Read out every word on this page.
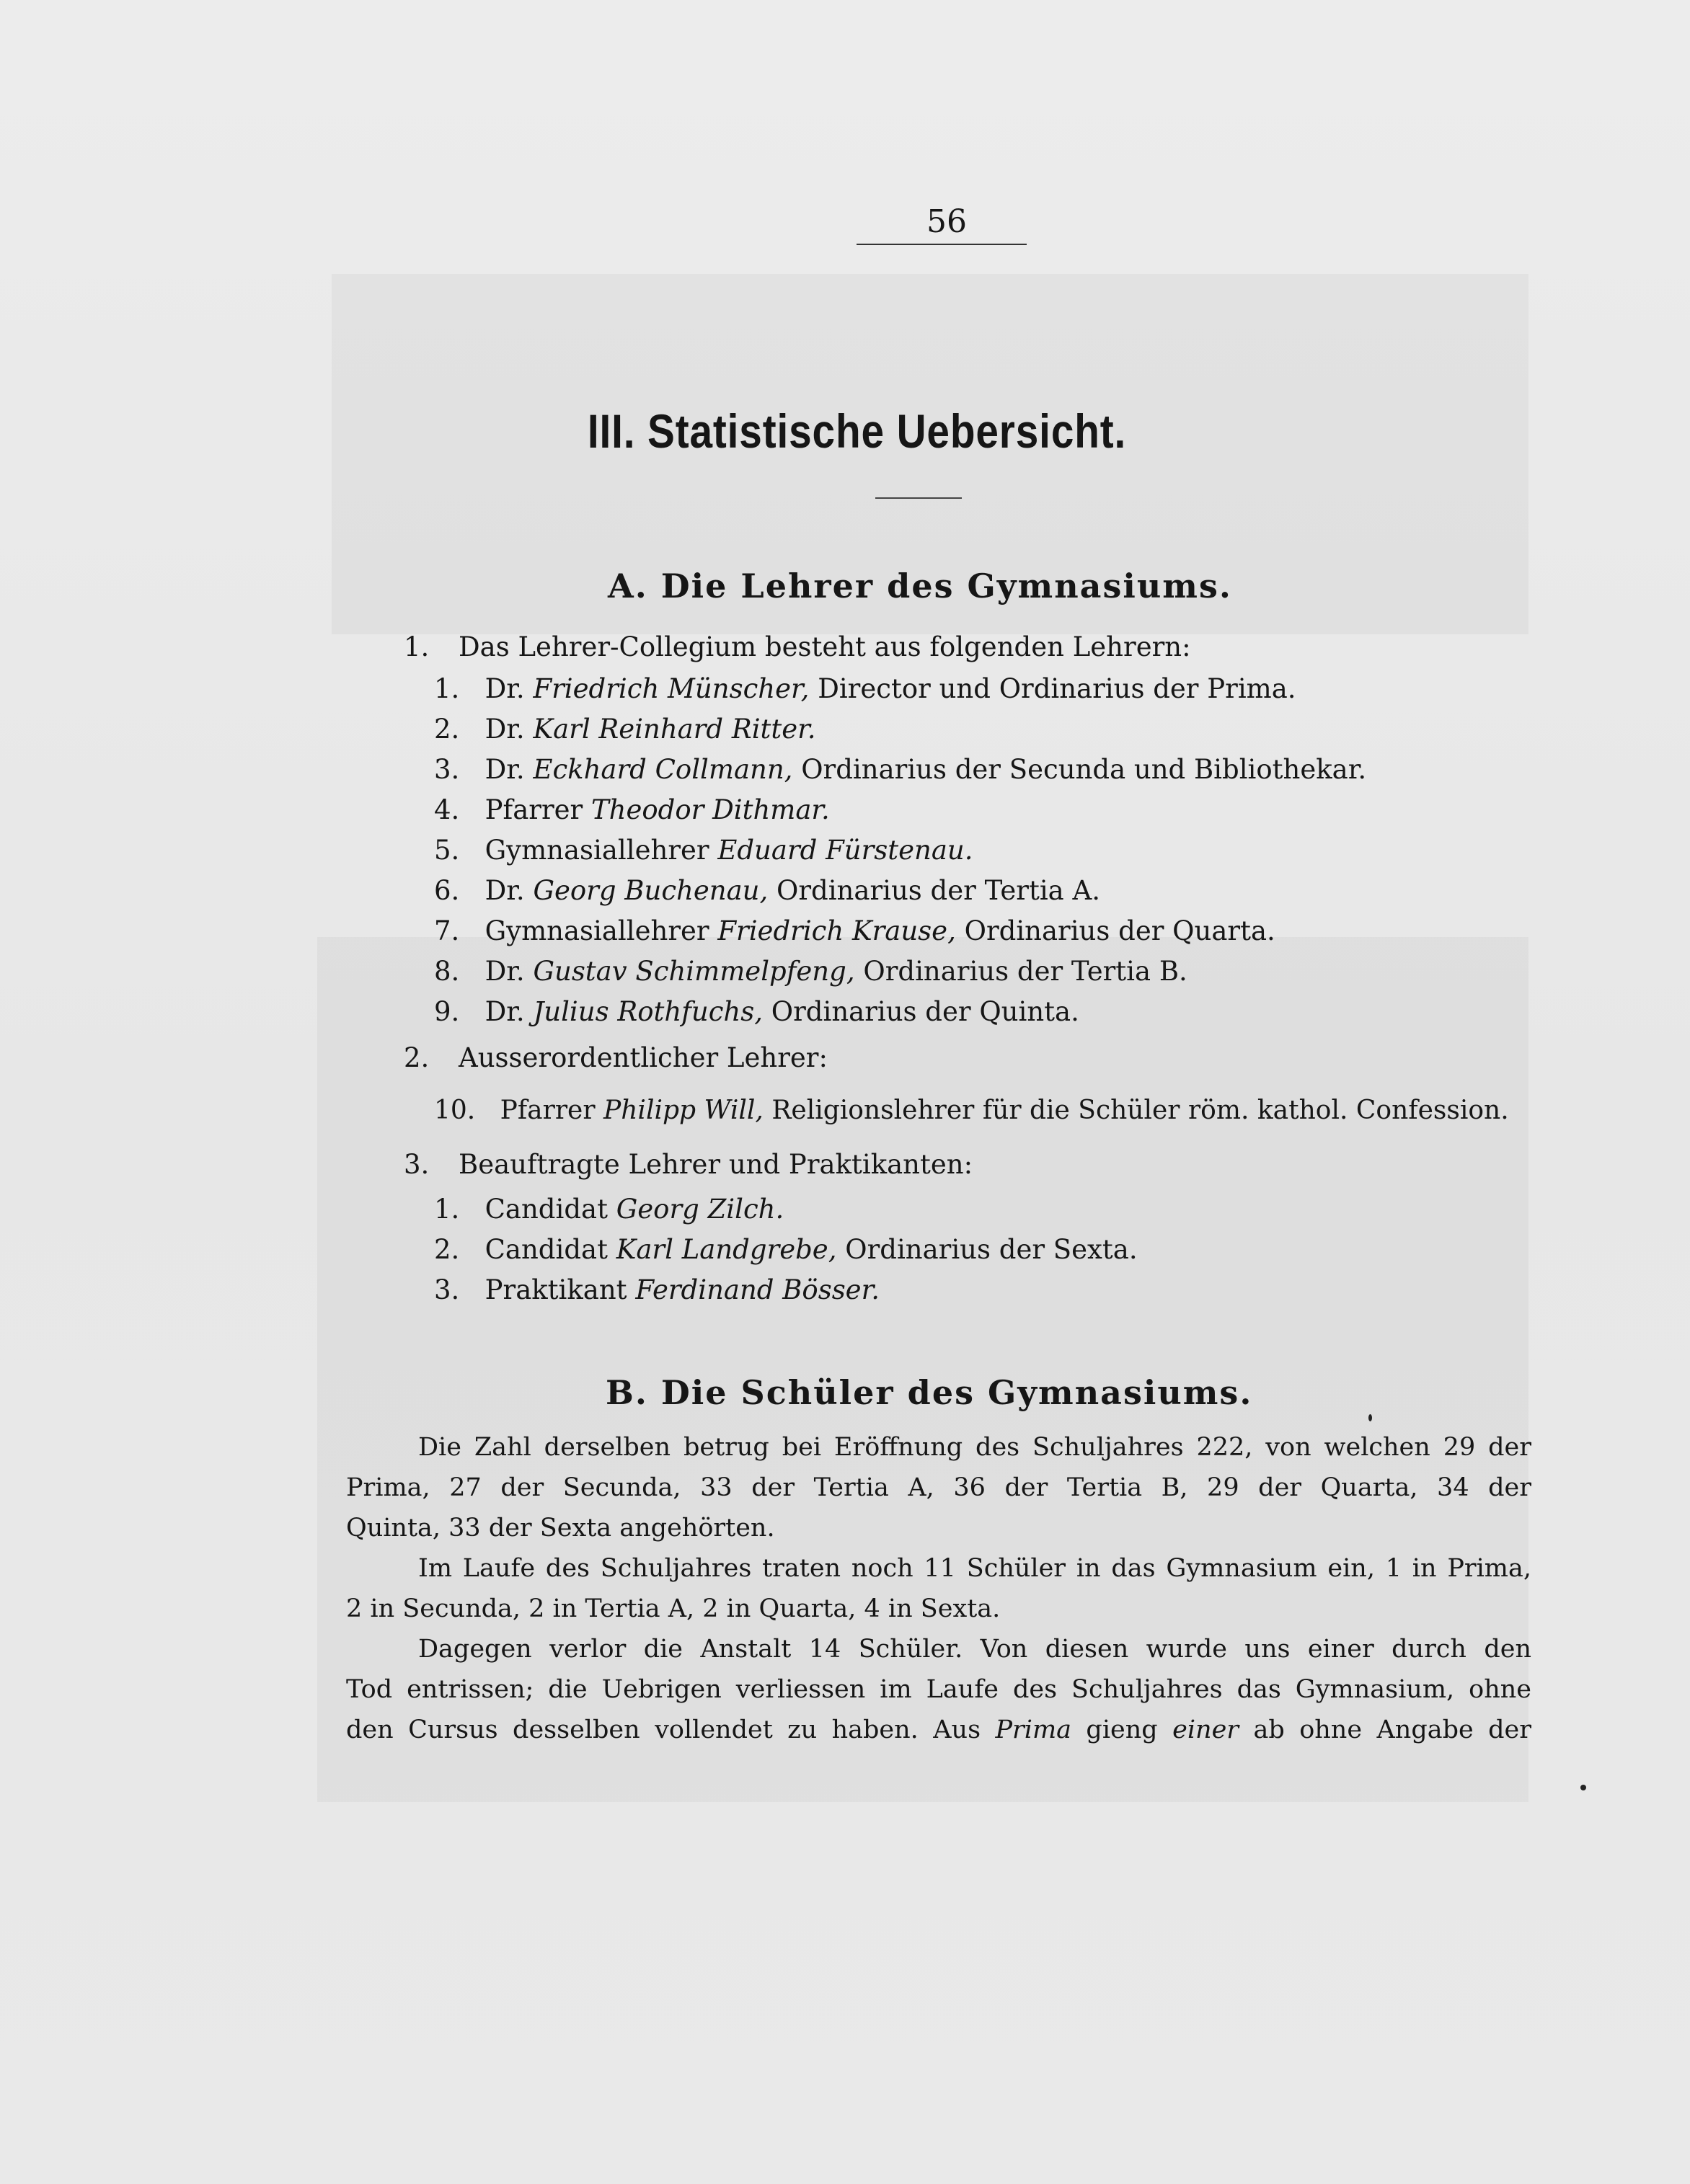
56
III. Statistische Uebersicht.
A. Die Lehrer des Gymnasiums.
1. Das Lehrer-Collegium besteht aus folgenden Lehrern:
1. Dr. Friedrich Münscher, Director und Ordinarius der Prima.
2. Dr. Karl Reinhard Ritter.
3. Dr. Eckhard Collmann, Ordinarius der Secunda und Bibliothekar.
4. Pfarrer Theodor Dithmar.
5. Gymnasiallehrer Eduard Fürstenau.
6. Dr. Georg Buchenau, Ordinarius der Tertia A.
7. Gymnasiallehrer Friedrich Krause, Ordinarius der Quarta.
8. Dr. Gustav Schimmelpfeng, Ordinarius der Tertia B.
9. Dr. Julius Rothfuchs, Ordinarius der Quinta.
2. Ausserordentlicher Lehrer:
10. Pfarrer Philipp Will, Religionslehrer für die Schüler röm. kathol. Confession.
3. Beauftragte Lehrer und Praktikanten:
1. Candidat Georg Zilch.
2. Candidat Karl Landgrebe, Ordinarius der Sexta.
3. Praktikant Ferdinand Bösser.
B. Die Schüler des Gymnasiums.
Die Zahl derselben betrug bei Eröffnung des Schuljahres 222, von welchen 29 der
Prima, 27 der Secunda, 33 der Tertia A, 36 der Tertia B, 29 der Quarta, 34 der
Quinta, 33 der Sexta angehörten.
Im Laufe des Schuljahres traten noch 11 Schüler in das Gymnasium ein, 1 in Prima,
2 in Secunda, 2 in Tertia A, 2 in Quarta, 4 in Sexta.
Dagegen verlor die Anstalt 14 Schüler. Von diesen wurde uns einer durch den
Tod entrissen; die Uebrigen verliessen im Laufe des Schuljahres das Gymnasium, ohne
den Cursus desselben vollendet zu haben. Aus Prima gieng einer ab ohne Angabe der
